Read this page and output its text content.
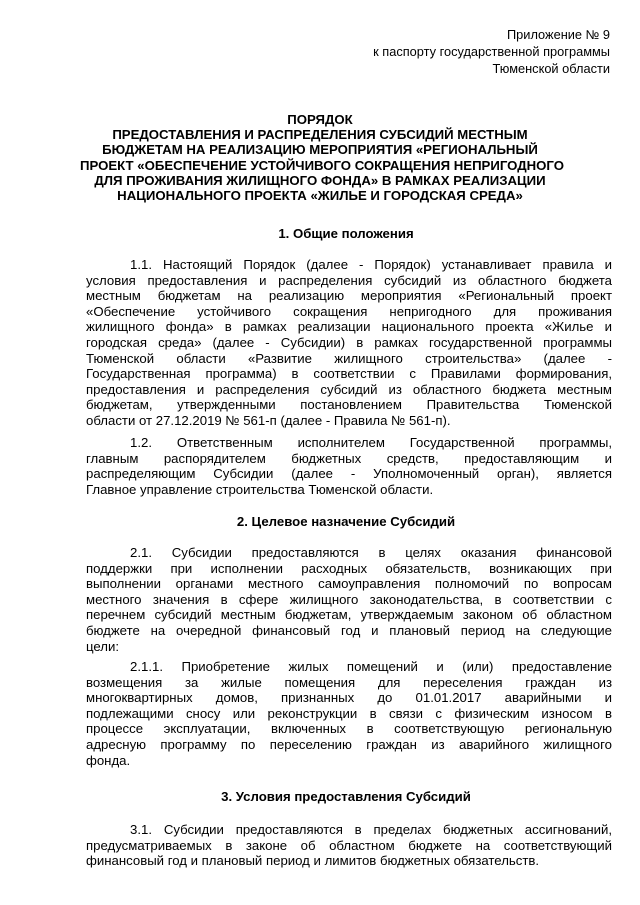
Приложение № 9
к паспорту государственной программы
Тюменской области
ПОРЯДОК
ПРЕДОСТАВЛЕНИЯ И РАСПРЕДЕЛЕНИЯ СУБСИДИЙ МЕСТНЫМ
БЮДЖЕТАМ НА РЕАЛИЗАЦИЮ МЕРОПРИЯТИЯ «РЕГИОНАЛЬНЫЙ
ПРОЕКТ «ОБЕСПЕЧЕНИЕ УСТОЙЧИВОГО СОКРАЩЕНИЯ НЕПРИГОДНОГО
ДЛЯ ПРОЖИВАНИЯ ЖИЛИЩНОГО ФОНДА» В РАМКАХ РЕАЛИЗАЦИИ
НАЦИОНАЛЬНОГО ПРОЕКТА «ЖИЛЬЕ И ГОРОДСКАЯ СРЕДА»
1. Общие положения
1.1. Настоящий Порядок (далее - Порядок) устанавливает правила и
условия предоставления и распределения субсидий из областного бюджета
местным бюджетам на реализацию мероприятия «Региональный проект
«Обеспечение устойчивого сокращения непригодного для проживания
жилищного фонда» в рамках реализации национального проекта «Жилье и
городская среда» (далее - Субсидии) в рамках государственной программы
Тюменской области «Развитие жилищного строительства» (далее -
Государственная программа) в соответствии с Правилами формирования,
предоставления и распределения субсидий из областного бюджета местным
бюджетам, утвержденными постановлением Правительства Тюменской
области от 27.12.2019 № 561-п (далее - Правила № 561-п).
1.2. Ответственным исполнителем Государственной программы,
главным распорядителем бюджетных средств, предоставляющим и
распределяющим Субсидии (далее - Уполномоченный орган), является
Главное управление строительства Тюменской области.
2. Целевое назначение Субсидий
2.1. Субсидии предоставляются в целях оказания финансовой
поддержки при исполнении расходных обязательств, возникающих при
выполнении органами местного самоуправления полномочий по вопросам
местного значения в сфере жилищного законодательства, в соответствии с
перечнем субсидий местным бюджетам, утверждаемым законом об областном
бюджете на очередной финансовый год и плановый период на следующие
цели:
2.1.1. Приобретение жилых помещений и (или) предоставление
возмещения за жилые помещения для переселения граждан из
многоквартирных домов, признанных до 01.01.2017 аварийными и
подлежащими сносу или реконструкции в связи с физическим износом в
процессе эксплуатации, включенных в соответствующую региональную
адресную программу по переселению граждан из аварийного жилищного
фонда.
3. Условия предоставления Субсидий
3.1. Субсидии предоставляются в пределах бюджетных ассигнований,
предусматриваемых в законе об областном бюджете на соответствующий
финансовый год и плановый период и лимитов бюджетных обязательств.
